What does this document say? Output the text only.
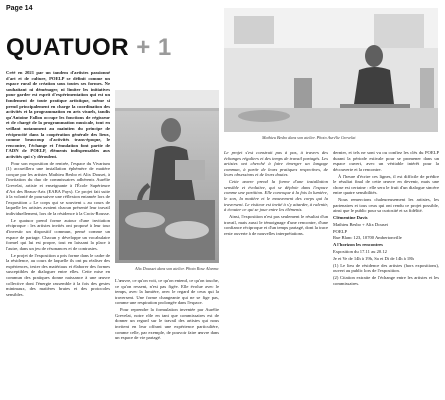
Page 14
QUATUOR + 1

Créé en 2021 par un tandem d'artistes passionné d'art et de culture, POELP se définit comme un espace rural de création sous toutes ses formes. Ne souhaitant ni déménager, ni limiter les initiatives pour garder est esprit d'expérimentation qui est un fondement de toute pratique artistique, même si prend principalement en charge la coordination des activités et la programmation en arts visuels, tandis qu'Antoine Fallon occupe les fonctions de régisseur et de chargé de la programmation musicale, tout en veillant notamment au maintien du principe de réciprocité dans la coopération générale des lieux, comme beaucoup d'activités trans-époque, le rencontre, l'échange et l'émulation font partie de l'ADN de POELP, éléments indispensables aux activités qui s'y déroulent.

Pour son exposition de rentrée, l'espace du Vivarium (1) accueillera une installation éphémère de matière conçue par les artistes Mathieu Besbo et Alix Douset, à l'invitation du duo de commissaires adhérents Aurélie Grevelat, artiste et enseignante à l'École Supérieure d'Art des Beaux-Arts (EABA Pays). Ce projet fait suite à la volonté de poursuivre une réflexion entamée lors de l'exposition « Le corps qui se souvient » au cours de laquelle les artistes avaient chacun présenté leur travail individuellement, lors de la résidence à la Croix-Rousse.

Le quatuor prend forme autour d'une invitation réciproque : les artistes invités ont proposé à leur tour d'investir un dispositif commun, pensé comme un espace de partage. Chacun y développe un vocabulaire formel qui lui est propre, tout en laissant la place à l'autre, dans un jeu de résonances et de contrastes.

Le projet de l'exposition a pris forme dans le cadre de la résidence, au cours de laquelle ils ont pu réaliser des expériences, tester des matériaux et élaborer des formes susceptibles de dialoguer entre elles. Cette mise en commun des pratiques donne naissance à une œuvre collective dont l'énergie rassemble à la fois des gestes minimaux, des matières brutes et des protocoles sensibles.

Alix Dousset dans son atelier. Photo Rose Alarma

L'œuvre, ce qu'on voit, ce qu'on entend, ce qu'on touche, ce qu'on ressent, n'est pas figée. Elle évolue avec le temps, avec la lumière, avec le regard de ceux qui la traversent. Une forme changeante qui ne se fige pas, comme une respiration prolongée dans l'espace.

Pour reprendre la formulation inventée par Aurélie Grevelat, notre rôle en tant que commissaires est de donner un regard sur le travail des artistes qui nous invitent en leur offrant une expérience particulière, comme celle, par exemple, de pouvoir faire œuvre dans un espace de vie partagé.

Mathieu Besbo dans son atelier. Photo Aurélie Grevelat

Le projet s'est construit pas à pas, à travers des échanges réguliers et des temps de travail partagés. Les artistes ont cherché à faire émerger un langage commun, à partir de leurs pratiques respectives, de leurs obsessions et de leurs doutes.

Cette œuvre prend la forme d'une installation sensible et évolutive, qui se déploie dans l'espace comme une partition. Elle convoque à la fois la lumière, le son, la matière et le mouvement des corps qui la traversent. Le visiteur est invité à s'y attarder, à ralentir, à écouter ce qui se joue entre les éléments.

Ainsi, l'exposition n'est pas seulement le résultat d'un travail, mais aussi le témoignage d'une rencontre, d'une confiance réciproque et d'un temps partagé, dont la trace reste ouverte à de nouvelles interprétations.

dernier, et tels ne sont vu ou confiez les clés du POELP durant la période estivale pour se promener dans un espace ouvert, avec un véritable intérêt pour la découverte et la rencontre.

À l'heure d'écrire ces lignes, il est difficile de prédire le résultat final de cette œuvre en devenir, mais une chose est certaine : elle sera le fruit d'un dialogue sincère entre quatre sensibilités.

Nous remercions chaleureusement les artistes, les partenaires et tous ceux qui ont rendu ce projet possible, ainsi que le public pour sa curiosité et sa fidélité.

Clémentine Davis

Mathieu Besbo + Alix Douset

POELP

Rue Blanc 123, 10700 Ambertonville

A l'horizon les rencontres

Exposition du 17.11 au 20.12

Je et Ve de 14h à 19h, Sa et Di de 14h à 18h

(1) Le lieu de résidence des artistes (hors expositions), ouvert au public lors de l'exposition.

(2) Citation extraite de l'échange entre les artistes et les commissaires.
